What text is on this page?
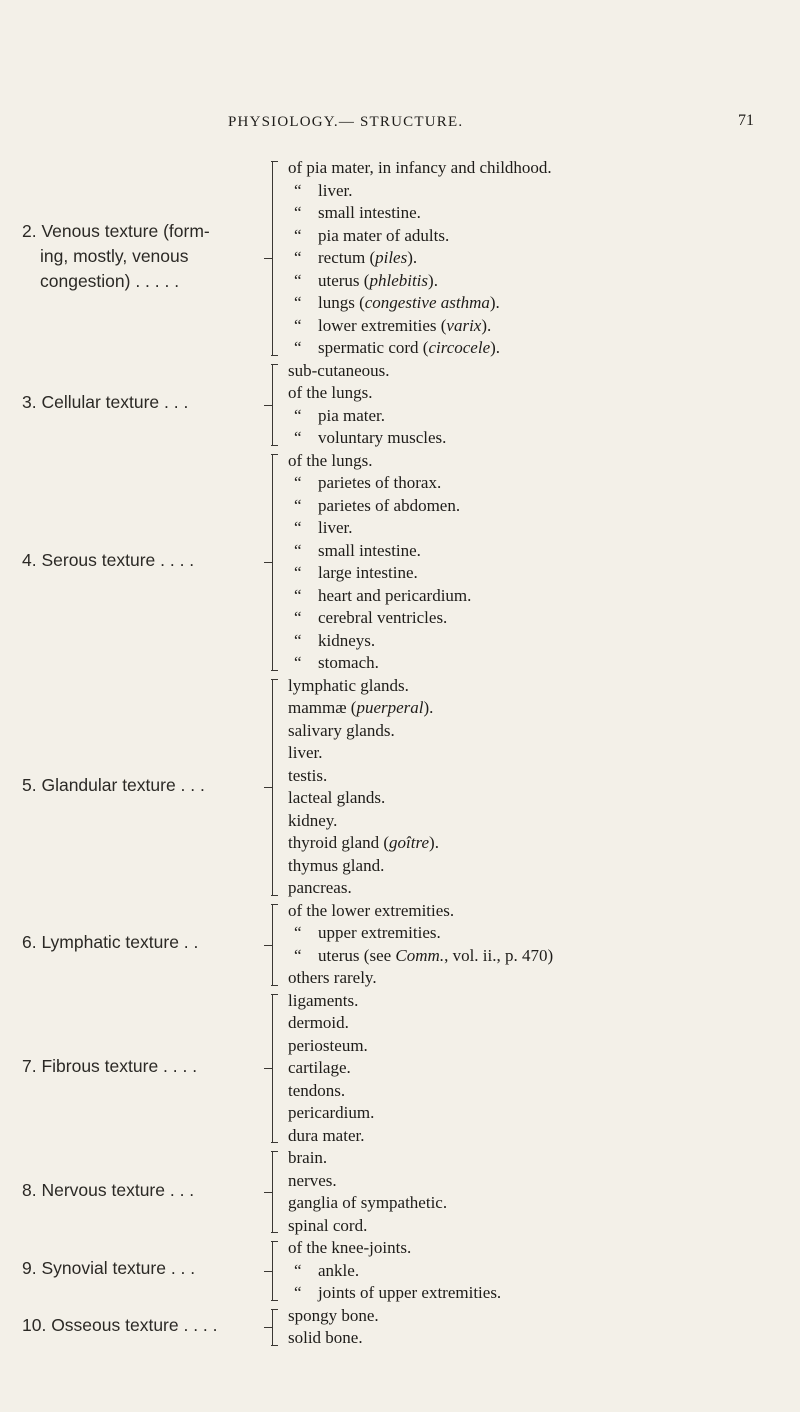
PHYSIOLOGY.— STRUCTURE.	71
2. Venous texture (form-
ing, mostly, venous
congestion) . . . . .
of pia mater, in infancy and childhood.
“ liver.
“ small intestine.
“ pia mater of adults.
“ rectum (piles).
“ uterus (phlebitis).
“ lungs (congestive asthma).
“ lower extremities (varix).
“ spermatic cord (circocele).
3. Cellular texture . . .
sub-cutaneous.
of the lungs.
“ pia mater.
“ voluntary muscles.
4. Serous texture . . . .
of the lungs.
“ parietes of thorax.
“ parietes of abdomen.
“ liver.
“ small intestine.
“ large intestine.
“ heart and pericardium.
“ cerebral ventricles.
“ kidneys.
“ stomach.
5. Glandular texture . . .
lymphatic glands.
mammæ (puerperal).
salivary glands.
liver.
testis.
lacteal glands.
kidney.
thyroid gland (goître).
thymus gland.
pancreas.
6. Lymphatic texture . .
of the lower extremities.
“ upper extremities.
“ uterus (see Comm., vol. ii., p. 470)
others rarely.
7. Fibrous texture . . . .
ligaments.
dermoid.
periosteum.
cartilage.
tendons.
pericardium.
dura mater.
8. Nervous texture . . .
brain.
nerves.
ganglia of sympathetic.
spinal cord.
9. Synovial texture . . .
of the knee-joints.
“ ankle.
“ joints of upper extremities.
10. Osseous texture . . . .	spongy bone.
solid bone.
